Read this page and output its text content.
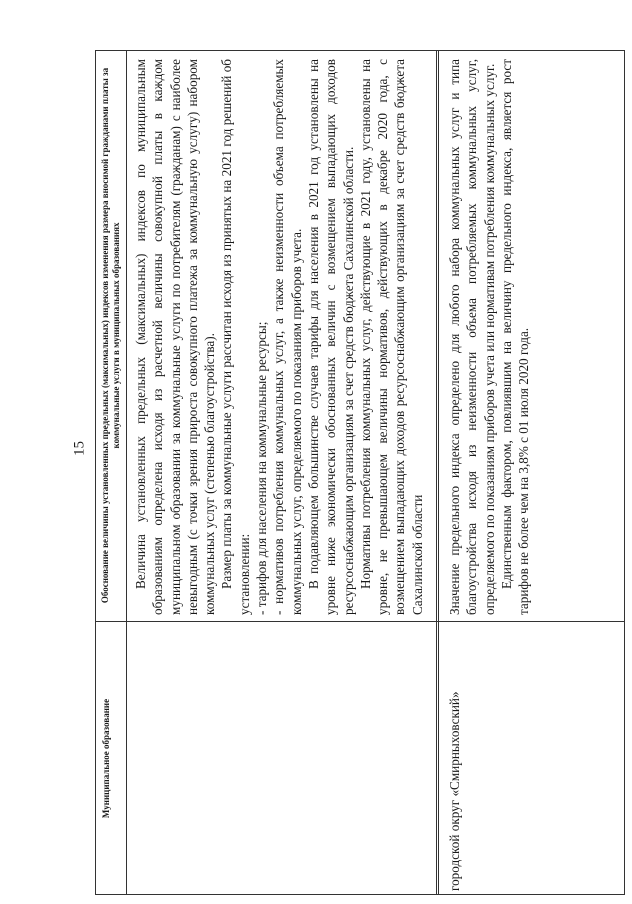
15
Муниципальное образование
Обоснование величины установленных предельных (максимальных) индексов изменения размера вносимой гражданами платы за коммунальные услуги в муниципальных образованиях Величина установленных предельных (максимальных) индексов по муниципальным образованиям определена исходя из расчетной величины совокупной платы в каждом муниципальном образовании за коммунальные услуги по потребителям (гражданам) с наиболее невыгодным (с точки зрения прироста совокупного платежа за коммунальную услугу) набором коммунальных услуг (степенью благоустройства). Размер платы за коммунальные услуги рассчитан исходя из принятых на 2021 год решений об установлении: - тарифов для населения на коммунальные ресурсы; - нормативов потребления коммунальных услуг, а также неизменности объема потребляемых коммунальных услуг, определяемого по показаниям приборов учета. В подавляющем большинстве случаев тарифы для населения в 2021 год установлены на уровне ниже экономически обоснованных величин с возмещением выпадающих доходов ресурсоснабжающим организациям за счет средств бюджета Сахалинской области. Нормативы потребления коммунальных услуг, действующие в 2021 году, установлены на уровне, не превышающем величины нормативов, действующих в декабре 2020 года, с возмещением выпадающих доходов ресурсоснабжающим организациям за счет средств бюджета Сахалинской области

городской округ «Смирныховский»

Значение предельного индекса определено для любого набора коммунальных услуг и типа благоустройства исходя из неизменности объема потребляемых коммунальных услуг, определяемого по показаниям приборов учета или нормативам потребления коммунальных услуг. Единственным фактором, повлиявшим на величину предельного индекса, является рост тарифов не более чем на 3,8% с 01 июля 2020 года.
